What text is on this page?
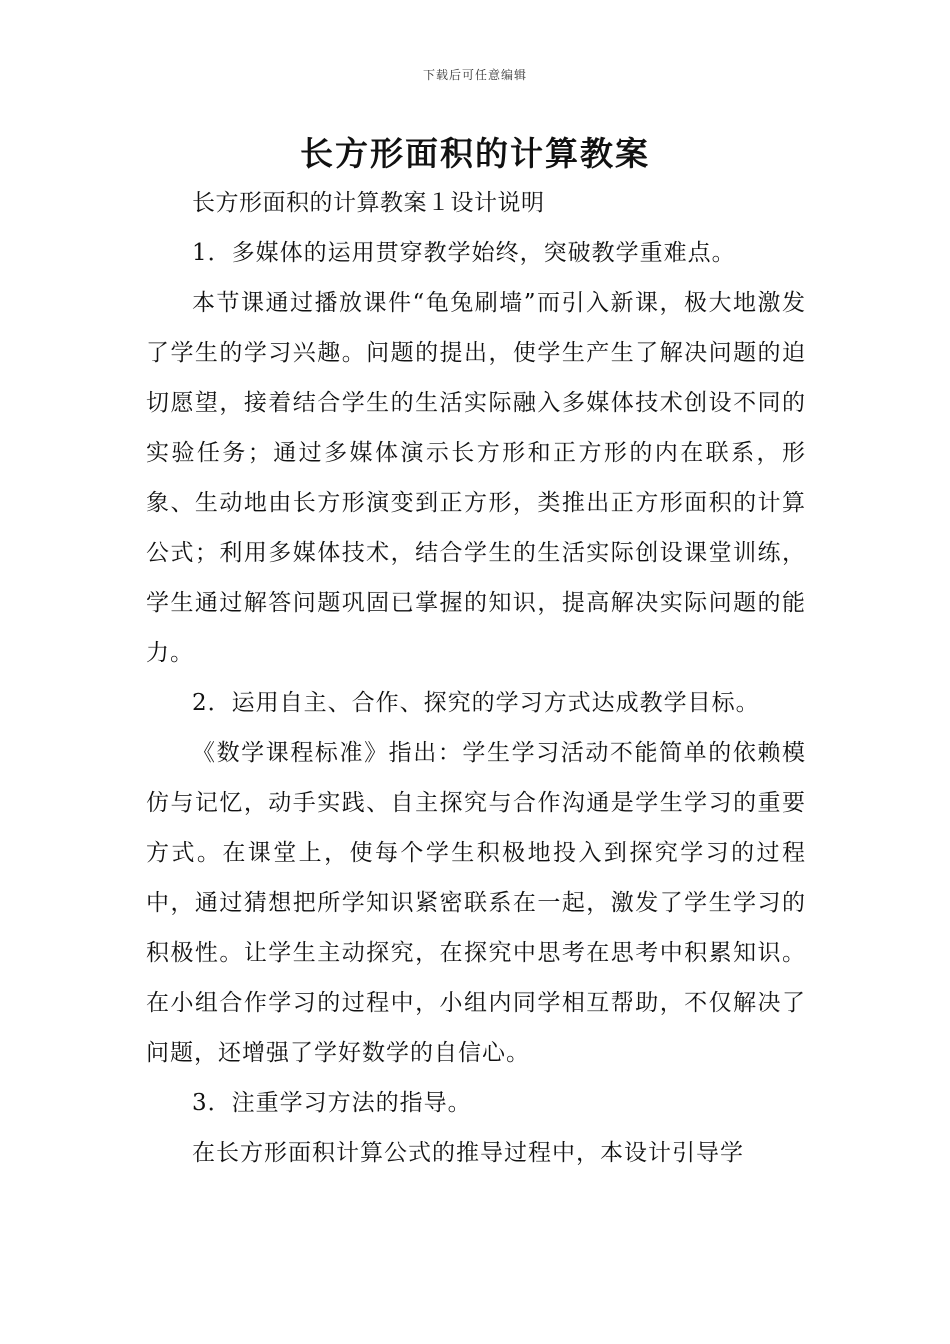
下载后可任意编辑
长方形面积的计算教案

长方形面积的计算教案１设计说明

1．多媒体的运用贯穿教学始终，突破教学重难点。

本节课通过播放课件“龟兔刷墙”而引入新课，极大地激发了学生的学习兴趣。问题的提出，使学生产生了解决问题的迫切愿望，接着结合学生的生活实际融入多媒体技术创设不同的实验任务；通过多媒体演示长方形和正方形的内在联系，形象、生动地由长方形演变到正方形，类推出正方形面积的计算公式；利用多媒体技术，结合学生的生活实际创设课堂训练，学生通过解答问题巩固已掌握的知识，提高解决实际问题的能力。

2．运用自主、合作、探究的学习方式达成教学目标。

《数学课程标准》指出：学生学习活动不能简单的依赖模仿与记忆，动手实践、自主探究与合作沟通是学生学习的重要方式。在课堂上，使每个学生积极地投入到探究学习的过程中，通过猜想把所学知识紧密联系在一起，激发了学生学习的积极性。让学生主动探究，在探究中思考在思考中积累知识。在小组合作学习的过程中，小组内同学相互帮助，不仅解决了问题，还增强了学好数学的自信心。

3．注重学习方法的指导。

在长方形面积计算公式的推导过程中，本设计引导学
